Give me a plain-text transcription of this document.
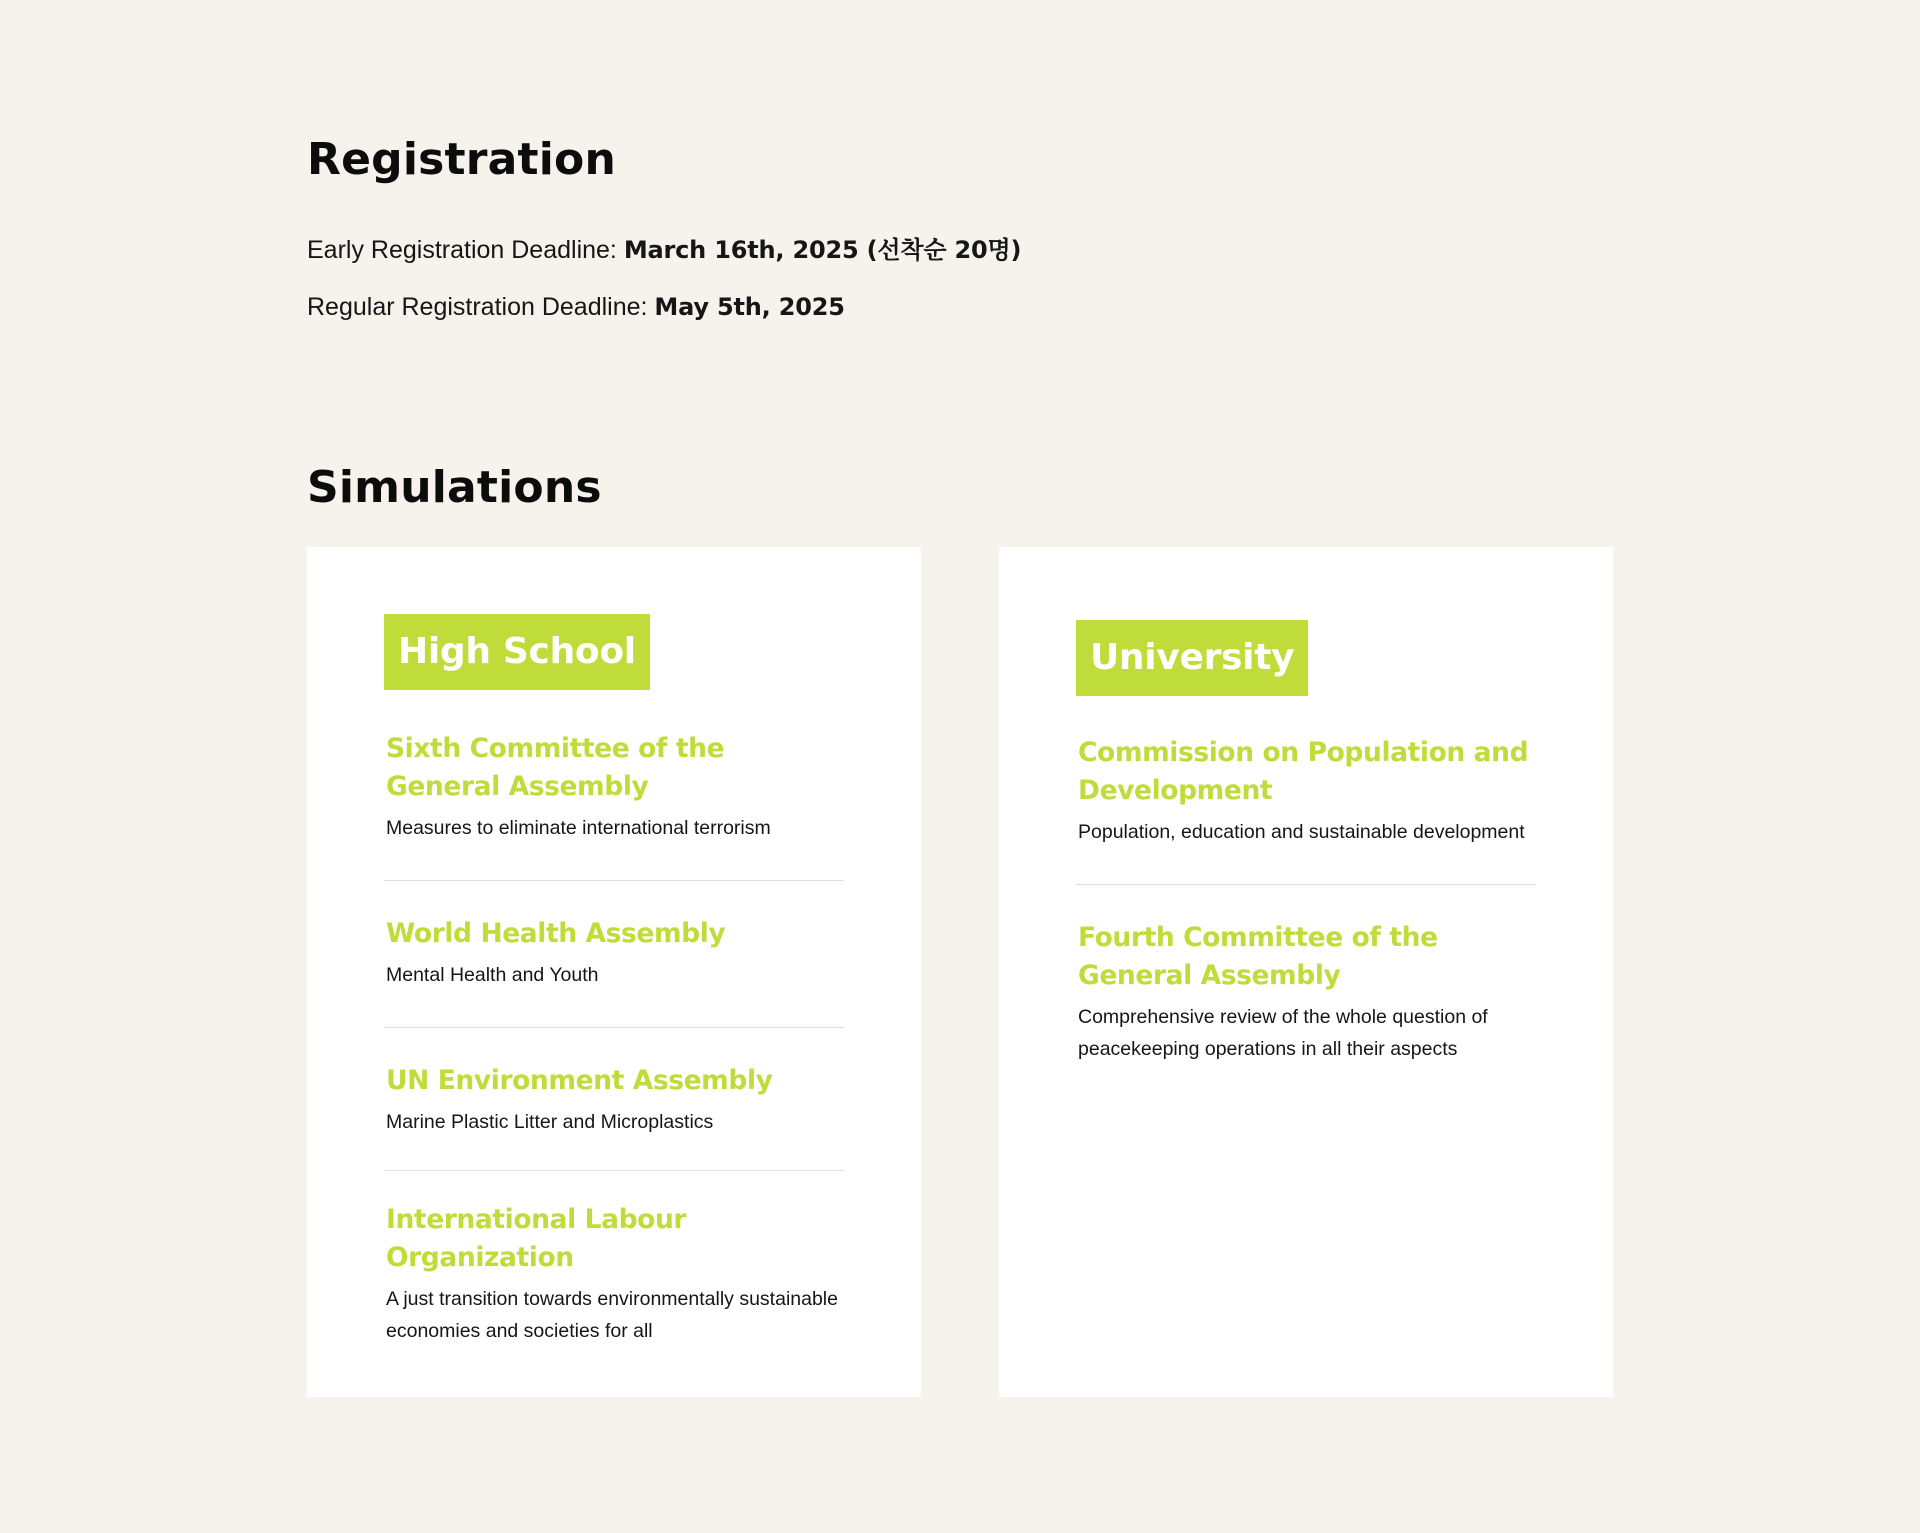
Registration
Early Registration Deadline: March 16th, 2025 (선착순 20명)
Regular Registration Deadline: May 5th, 2025
Simulations
High School
Sixth Committee of the General Assembly

Measures to eliminate international terrorism

World Health Assembly

Mental Health and Youth

UN Environment Assembly

Marine Plastic Litter and Microplastics

International Labour Organization

A just transition towards environmentally sustainable economies and societies for all

University
Commission on Population and Development

Population, education and sustainable development

Fourth Committee of the General Assembly

Comprehensive review of the whole question of peacekeeping operations in all their aspects
